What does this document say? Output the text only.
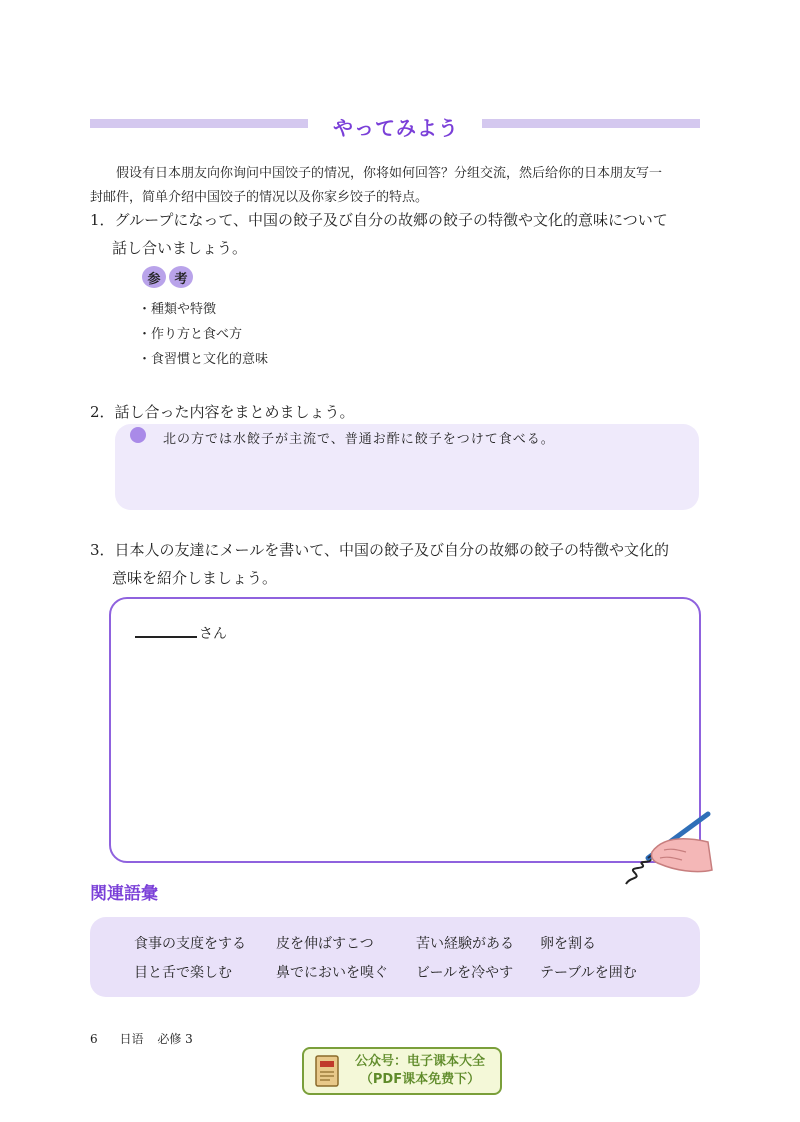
やってみよう
假设有日本朋友向你询问中国饺子的情况，你将如何回答？分组交流，然后给你的日本朋友写一
封邮件，简单介绍中国饺子的情况以及你家乡饺子的特点。
1．グループになって、中国の餃子及び自分の故郷の餃子の特徴や文化的意味について
話し合いましょう。
参	考
・種類や特徴
・作り方と食べ方
・食習慣と文化的意味
2．話し合った内容をまとめましょう。
北の方では水餃子が主流で、普通お酢に餃子をつけて食べる。
3．日本人の友達にメールを書いて、中国の餃子及び自分の故郷の餃子の特徴や文化的
意味を紹介しましょう。
さん
関連語彙
食事の支度をする 皮を伸ばすこつ	苦い経験がある 卵を割る
目と舌で楽しむ	鼻でにおいを嗅ぐ ビールを冷やす テーブルを囲む
6 日语 必修 3
公众号：电子课本大全
（PDF课本免费下）
